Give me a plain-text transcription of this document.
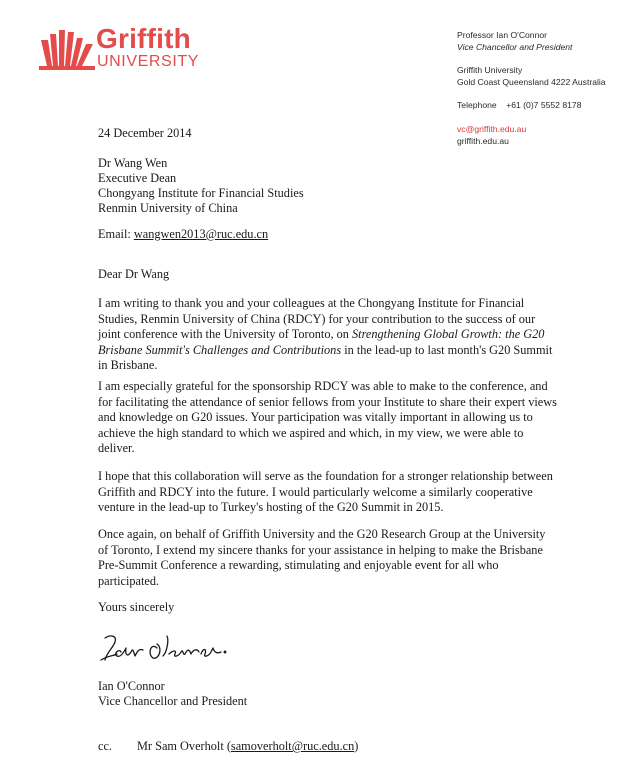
Griffith
UNIVERSITY
Professor Ian O'Connor
Vice Chancellor and President
Griffith University
Gold Coast Queensland 4222 Australia
Telephone    +61 (0)7 5552 8178
vc@griffith.edu.au
griffith.edu.au
24 December 2014
Dr Wang Wen
Executive Dean
Chongyang Institute for Financial Studies
Renmin University of China
Email: wangwen2013@ruc.edu.cn
Dear Dr Wang

I am writing to thank you and your colleagues at the Chongyang Institute for Financial Studies, Renmin University of China (RDCY) for your contribution to the success of our joint conference with the University of Toronto, on Strengthening Global Growth: the G20 Brisbane Summit's Challenges and Contributions in the lead-up to last month's G20 Summit in Brisbane.

I am especially grateful for the sponsorship RDCY was able to make to the conference, and for facilitating the attendance of senior fellows from your Institute to share their expert views and knowledge on G20 issues. Your participation was vitally important in allowing us to achieve the high standard to which we aspired and which, in my view, we were able to deliver.

I hope that this collaboration will serve as the foundation for a stronger relationship between Griffith and RDCY into the future. I would particularly welcome a similarly cooperative venture in the lead-up to Turkey's hosting of the G20 Summit in 2015.

Once again, on behalf of Griffith University and the G20 Research Group at the University of Toronto, I extend my sincere thanks for your assistance in helping to make the Brisbane Pre-Summit Conference a rewarding, stimulating and enjoyable event for all who participated.

Yours sincerely
Ian O'Connor
Vice Chancellor and President
cc. Mr Sam Overholt (samoverholt@ruc.edu.cn)
